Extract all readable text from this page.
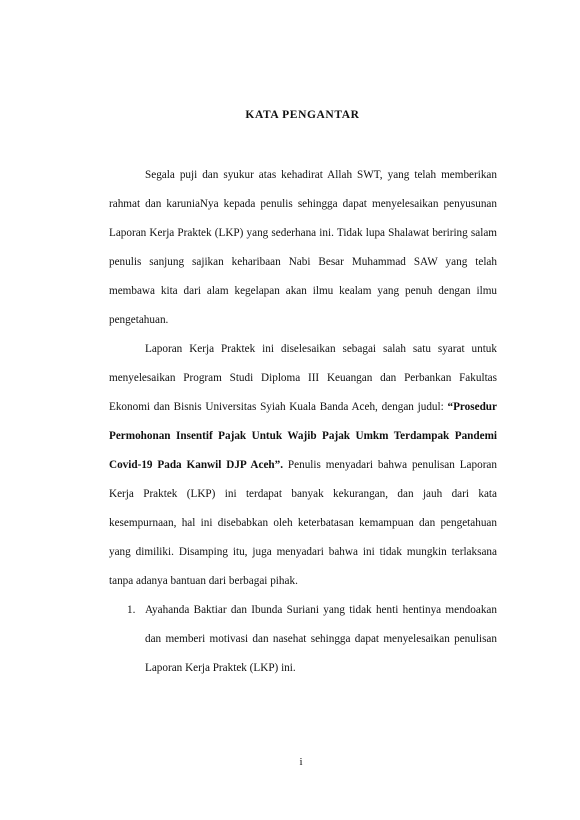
KATA PENGANTAR

Segala puji dan syukur atas kehadirat Allah SWT, yang telah memberikan rahmat dan karuniaNya kepada penulis sehingga dapat menyelesaikan penyusunan Laporan Kerja Praktek (LKP) yang sederhana ini. Tidak lupa Shalawat beriring salam penulis sanjung sajikan keharibaan Nabi Besar Muhammad SAW yang telah membawa kita dari alam kegelapan akan ilmu kealam yang penuh dengan ilmu pengetahuan.

Laporan Kerja Praktek ini diselesaikan sebagai salah satu syarat untuk menyelesaikan Program Studi Diploma III Keuangan dan Perbankan Fakultas Ekonomi dan Bisnis Universitas Syiah Kuala Banda Aceh, dengan judul: “Prosedur Permohonan Insentif Pajak Untuk Wajib Pajak Umkm Terdampak Pandemi Covid-19 Pada Kanwil DJP Aceh”. Penulis menyadari bahwa penulisan Laporan Kerja Praktek (LKP) ini terdapat banyak kekurangan, dan jauh dari kata kesempurnaan, hal ini disebabkan oleh keterbatasan kemampuan dan pengetahuan yang dimiliki. Disamping itu, juga menyadari bahwa ini tidak mungkin terlaksana tanpa adanya bantuan dari berbagai pihak.

1. Ayahanda Baktiar dan Ibunda Suriani yang tidak henti hentinya mendoakan dan memberi motivasi dan nasehat sehingga dapat menyelesaikan penulisan Laporan Kerja Praktek (LKP) ini.
i
